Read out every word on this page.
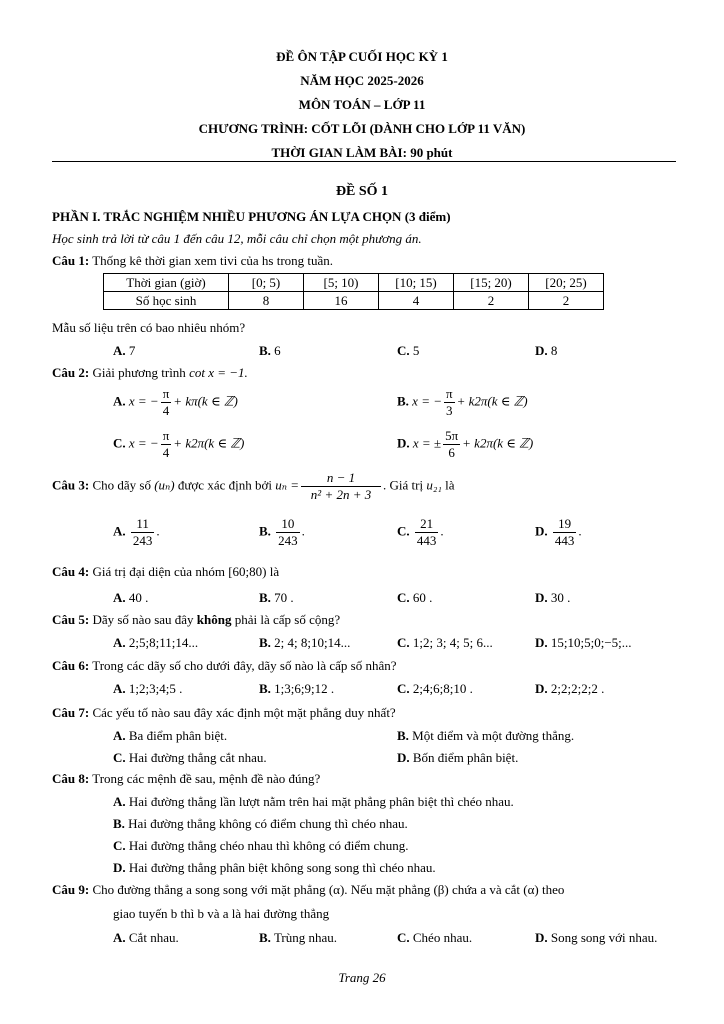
ĐỀ ÔN TẬP CUỐI HỌC KỲ 1
NĂM HỌC 2025-2026
MÔN TOÁN – LỚP 11
CHƯƠNG TRÌNH: CỐT LÕI (DÀNH CHO LỚP 11 VĂN)
THỜI GIAN LÀM BÀI: 90 phút
ĐỀ SỐ 1
PHẦN I. TRẮC NGHIỆM NHIỀU PHƯƠNG ÁN LỰA CHỌN (3 điểm)
Học sinh trả lời từ câu 1 đến câu 12, mỗi câu chỉ chọn một phương án.
Câu 1: Thống kê thời gian xem tivi của hs trong tuần.
Thời gian (giờ)	[0; 5)	[5; 10)	[10; 15)	[15; 20)	[20; 25)
Số học sinh	8	16	4	2	2
Mẫu số liệu trên có bao nhiêu nhóm?
A. 7	B. 6	C. 5	D. 8
Câu 2: Giải phương trình cot x = −1.
A. x = − $\frac{\pi}{4} + k\pi(k$ ∈ ℤ)	B. x = − $\frac{\pi}{3} + k2\pi(k$ ∈ ℤ)
C. x = − $\frac{\pi}{4} + k2\pi(k$ ∈ ℤ)	D. x = ± $\frac{5\pi}{6} + k2\pi(k$ ∈ ℤ)
Câu 3: Cho dãy số (uₙ) được xác định bởi $u_n = \frac{n - 1}{\text{n² + 2n + 3}}$ . Giá trị u₂₁ là
A. $\frac{11}{243}$ .	B. $\frac{10}{243}$ .	C. $\frac{21}{443}$ .	D. $\frac{19}{443}$ .
Câu 4: Giá trị đại diện của nhóm [60;80) là
A. 40 .	B. 70 .	C. 60 .	D. 30 .
Câu 5: Dãy số nào sau đây không phải là cấp số cộng?
A. 2;5;8;11;14...	B. 2; 4; 8;10;14...	C. 1;2; 3; 4; 5; 6...	D. 15;10;5;0;−5;...
Câu 6: Trong các dãy số cho dưới đây, dãy số nào là cấp số nhân?
A. 1;2;3;4;5 .	B. 1;3;6;9;12 .	C. 2;4;6;8;10 .	D. 2;2;2;2;2 .
Câu 7: Các yếu tố nào sau đây xác định một mặt phẳng duy nhất?
A. Ba điểm phân biệt.	B. Một điểm và một đường thẳng.
C. Hai đường thẳng cắt nhau.	D. Bốn điểm phân biệt.
Câu 8: Trong các mệnh đề sau, mệnh đề nào đúng?
A. Hai đường thẳng lần lượt nằm trên hai mặt phẳng phân biệt thì chéo nhau.
B. Hai đường thẳng không có điểm chung thì chéo nhau.
C. Hai đường thẳng chéo nhau thì không có điểm chung.
D. Hai đường thẳng phân biệt không song song thì chéo nhau.
Câu 9: Cho đường thẳng a song song với mặt phẳng (α). Nếu mặt phẳng (β) chứa a và cắt (α) theo
giao tuyến b thì b và a là hai đường thẳng
A. Cắt nhau.	B. Trùng nhau.	C. Chéo nhau.	D. Song song với nhau.
Trang 26
